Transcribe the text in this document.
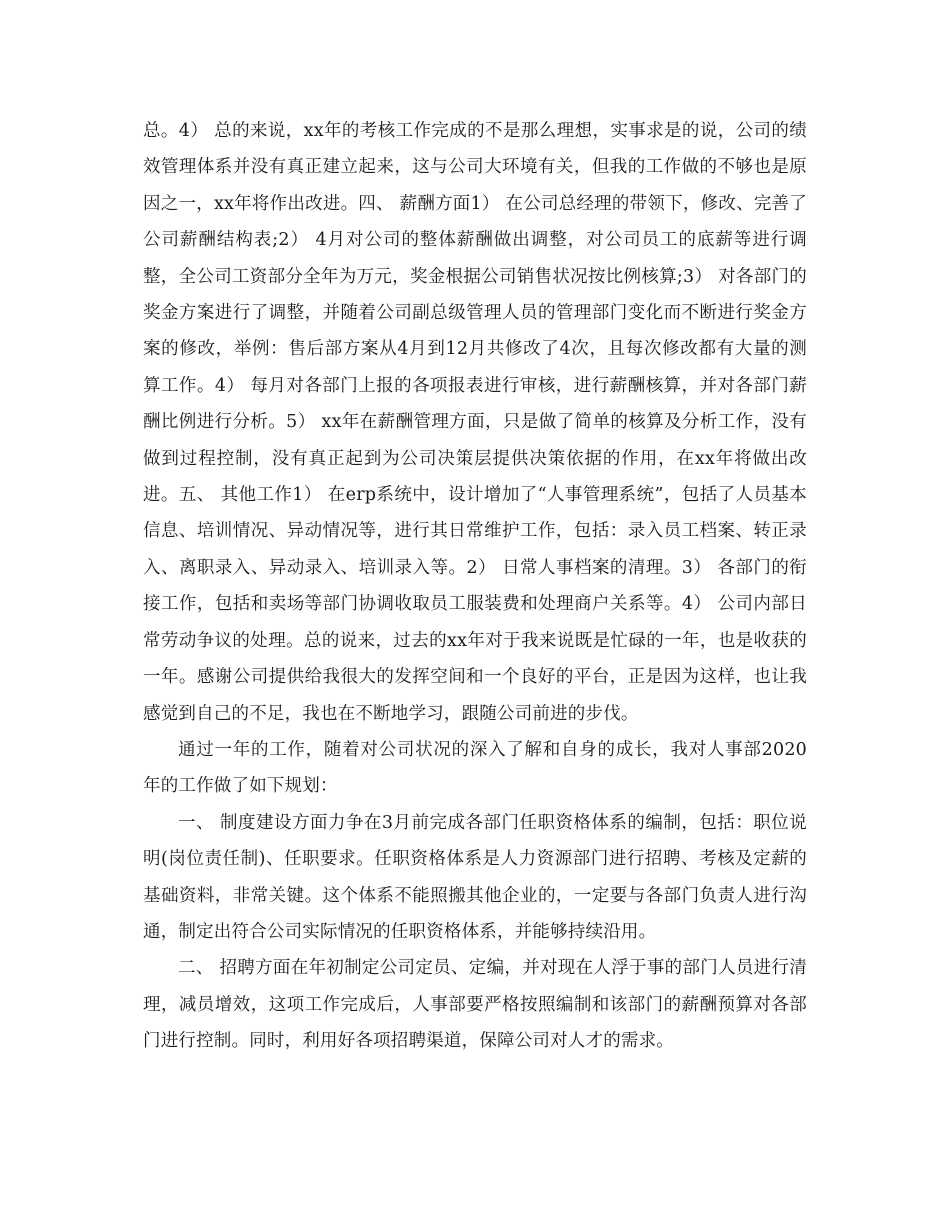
总。4） 总的来说，xx年的考核工作完成的不是那么理想，实事求是的说，公司的绩效管理体系并没有真正建立起来，这与公司大环境有关，但我的工作做的不够也是原因之一，xx年将作出改进。四、 薪酬方面1） 在公司总经理的带领下，修改、完善了公司薪酬结构表;2） 4月对公司的整体薪酬做出调整，对公司员工的底薪等进行调整，全公司工资部分全年为万元，奖金根据公司销售状况按比例核算;3） 对各部门的奖金方案进行了调整，并随着公司副总级管理人员的管理部门变化而不断进行奖金方案的修改，举例：售后部方案从4月到12月共修改了4次，且每次修改都有大量的测算工作。4） 每月对各部门上报的各项报表进行审核，进行薪酬核算，并对各部门薪酬比例进行分析。5） xx年在薪酬管理方面，只是做了简单的核算及分析工作，没有做到过程控制，没有真正起到为公司决策层提供决策依据的作用，在xx年将做出改进。五、 其他工作1） 在erp系统中，设计增加了“人事管理系统”，包括了人员基本信息、培训情况、异动情况等，进行其日常维护工作，包括：录入员工档案、转正录入、离职录入、异动录入、培训录入等。2） 日常人事档案的清理。3） 各部门的衔接工作，包括和卖场等部门协调收取员工服装费和处理商户关系等。4） 公司内部日常劳动争议的处理。总的说来，过去的xx年对于我来说既是忙碌的一年，也是收获的一年。感谢公司提供给我很大的发挥空间和一个良好的平台，正是因为这样，也让我感觉到自己的不足，我也在不断地学习，跟随公司前进的步伐。

通过一年的工作，随着对公司状况的深入了解和自身的成长，我对人事部2020年的工作做了如下规划：

一、 制度建设方面力争在3月前完成各部门任职资格体系的编制，包括：职位说明(岗位责任制)、任职要求。任职资格体系是人力资源部门进行招聘、考核及定薪的基础资料，非常关键。这个体系不能照搬其他企业的，一定要与各部门负责人进行沟通，制定出符合公司实际情况的任职资格体系，并能够持续沿用。

二、 招聘方面在年初制定公司定员、定编，并对现在人浮于事的部门人员进行清理，减员增效，这项工作完成后，人事部要严格按照编制和该部门的薪酬预算对各部门进行控制。同时，利用好各项招聘渠道，保障公司对人才的需求。
